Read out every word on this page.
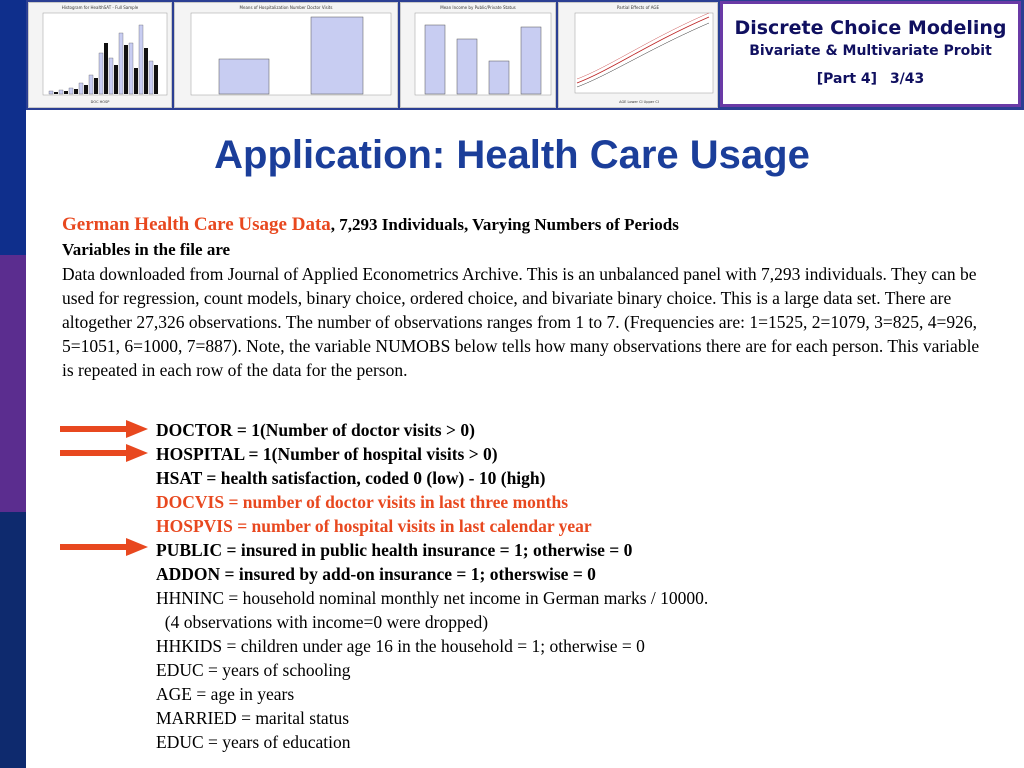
Histogram for HealthSAT - Full Sample
DOC HOSP
Means of Hospitalization Number Doctor Visits	Mean Income by Public/Private Status	Partial Effects of AGE
AGE Lower CI Upper CI
Discrete Choice Modeling
Bivariate & Multivariate Probit
[Part 4] 3/43
Application: Health Care Usage
German Health Care Usage Data, 7,293 Individuals, Varying Numbers of Periods
Variables in the file are
Data downloaded from Journal of Applied Econometrics Archive. This is an unbalanced panel with 7,293 individuals. They can be used for regression, count models, binary choice, ordered choice, and bivariate binary choice. This is a large data set. There are altogether 27,326 observations. The number of observations ranges from 1 to 7. (Frequencies are: 1=1525, 2=1079, 3=825, 4=926, 5=1051, 6=1000, 7=887). Note, the variable NUMOBS below tells how many observations there are for each person. This variable is repeated in each row of the data for the person.
DOCTOR = 1(Number of doctor visits > 0)
HOSPITAL = 1(Number of hospital visits > 0)
HSAT = health satisfaction, coded 0 (low) - 10 (high)
DOCVIS = number of doctor visits in last three months
HOSPVIS = number of hospital visits in last calendar year
PUBLIC = insured in public health insurance = 1; otherwise = 0
ADDON = insured by add-on insurance = 1; otherswise = 0
HHNINC = household nominal monthly net income in German marks / 10000.
(4 observations with income=0 were dropped)
HHKIDS = children under age 16 in the household = 1; otherwise = 0
EDUC = years of schooling
AGE = age in years
MARRIED = marital status
EDUC = years of education
